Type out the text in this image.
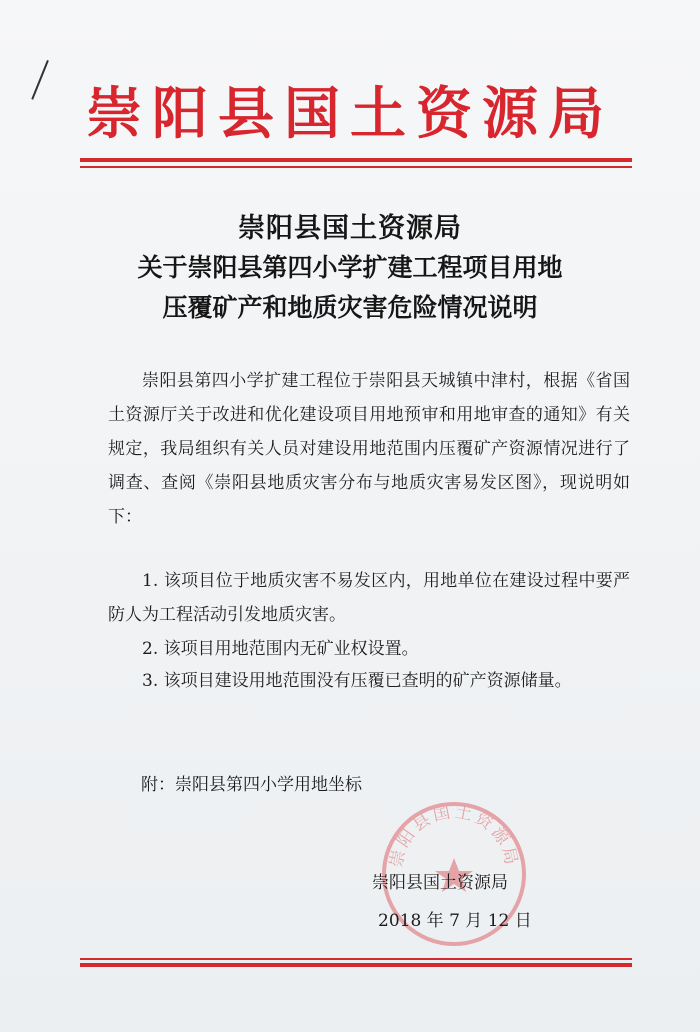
崇阳县国土资源局
崇阳县国土资源局
关于崇阳县第四小学扩建工程项目用地
压覆矿产和地质灾害危险情况说明

崇阳县第四小学扩建工程位于崇阳县天城镇中津村，根据《省国土资源厅关于改进和优化建设项目用地预审和用地审查的通知》有关规定，我局组织有关人员对建设用地范围内压覆矿产资源情况进行了调查、查阅《崇阳县地质灾害分布与地质灾害易发区图》，现说明如下：

1. 该项目位于地质灾害不易发区内，用地单位在建设过程中要严防人为工程活动引发地质灾害。

2. 该项目用地范围内无矿业权设置。

3. 该项目建设用地范围没有压覆已查明的矿产资源储量。

附：崇阳县第四小学用地坐标
崇阳县国土资源局
崇阳县国土资源局
2018 年 7 月 12 日
